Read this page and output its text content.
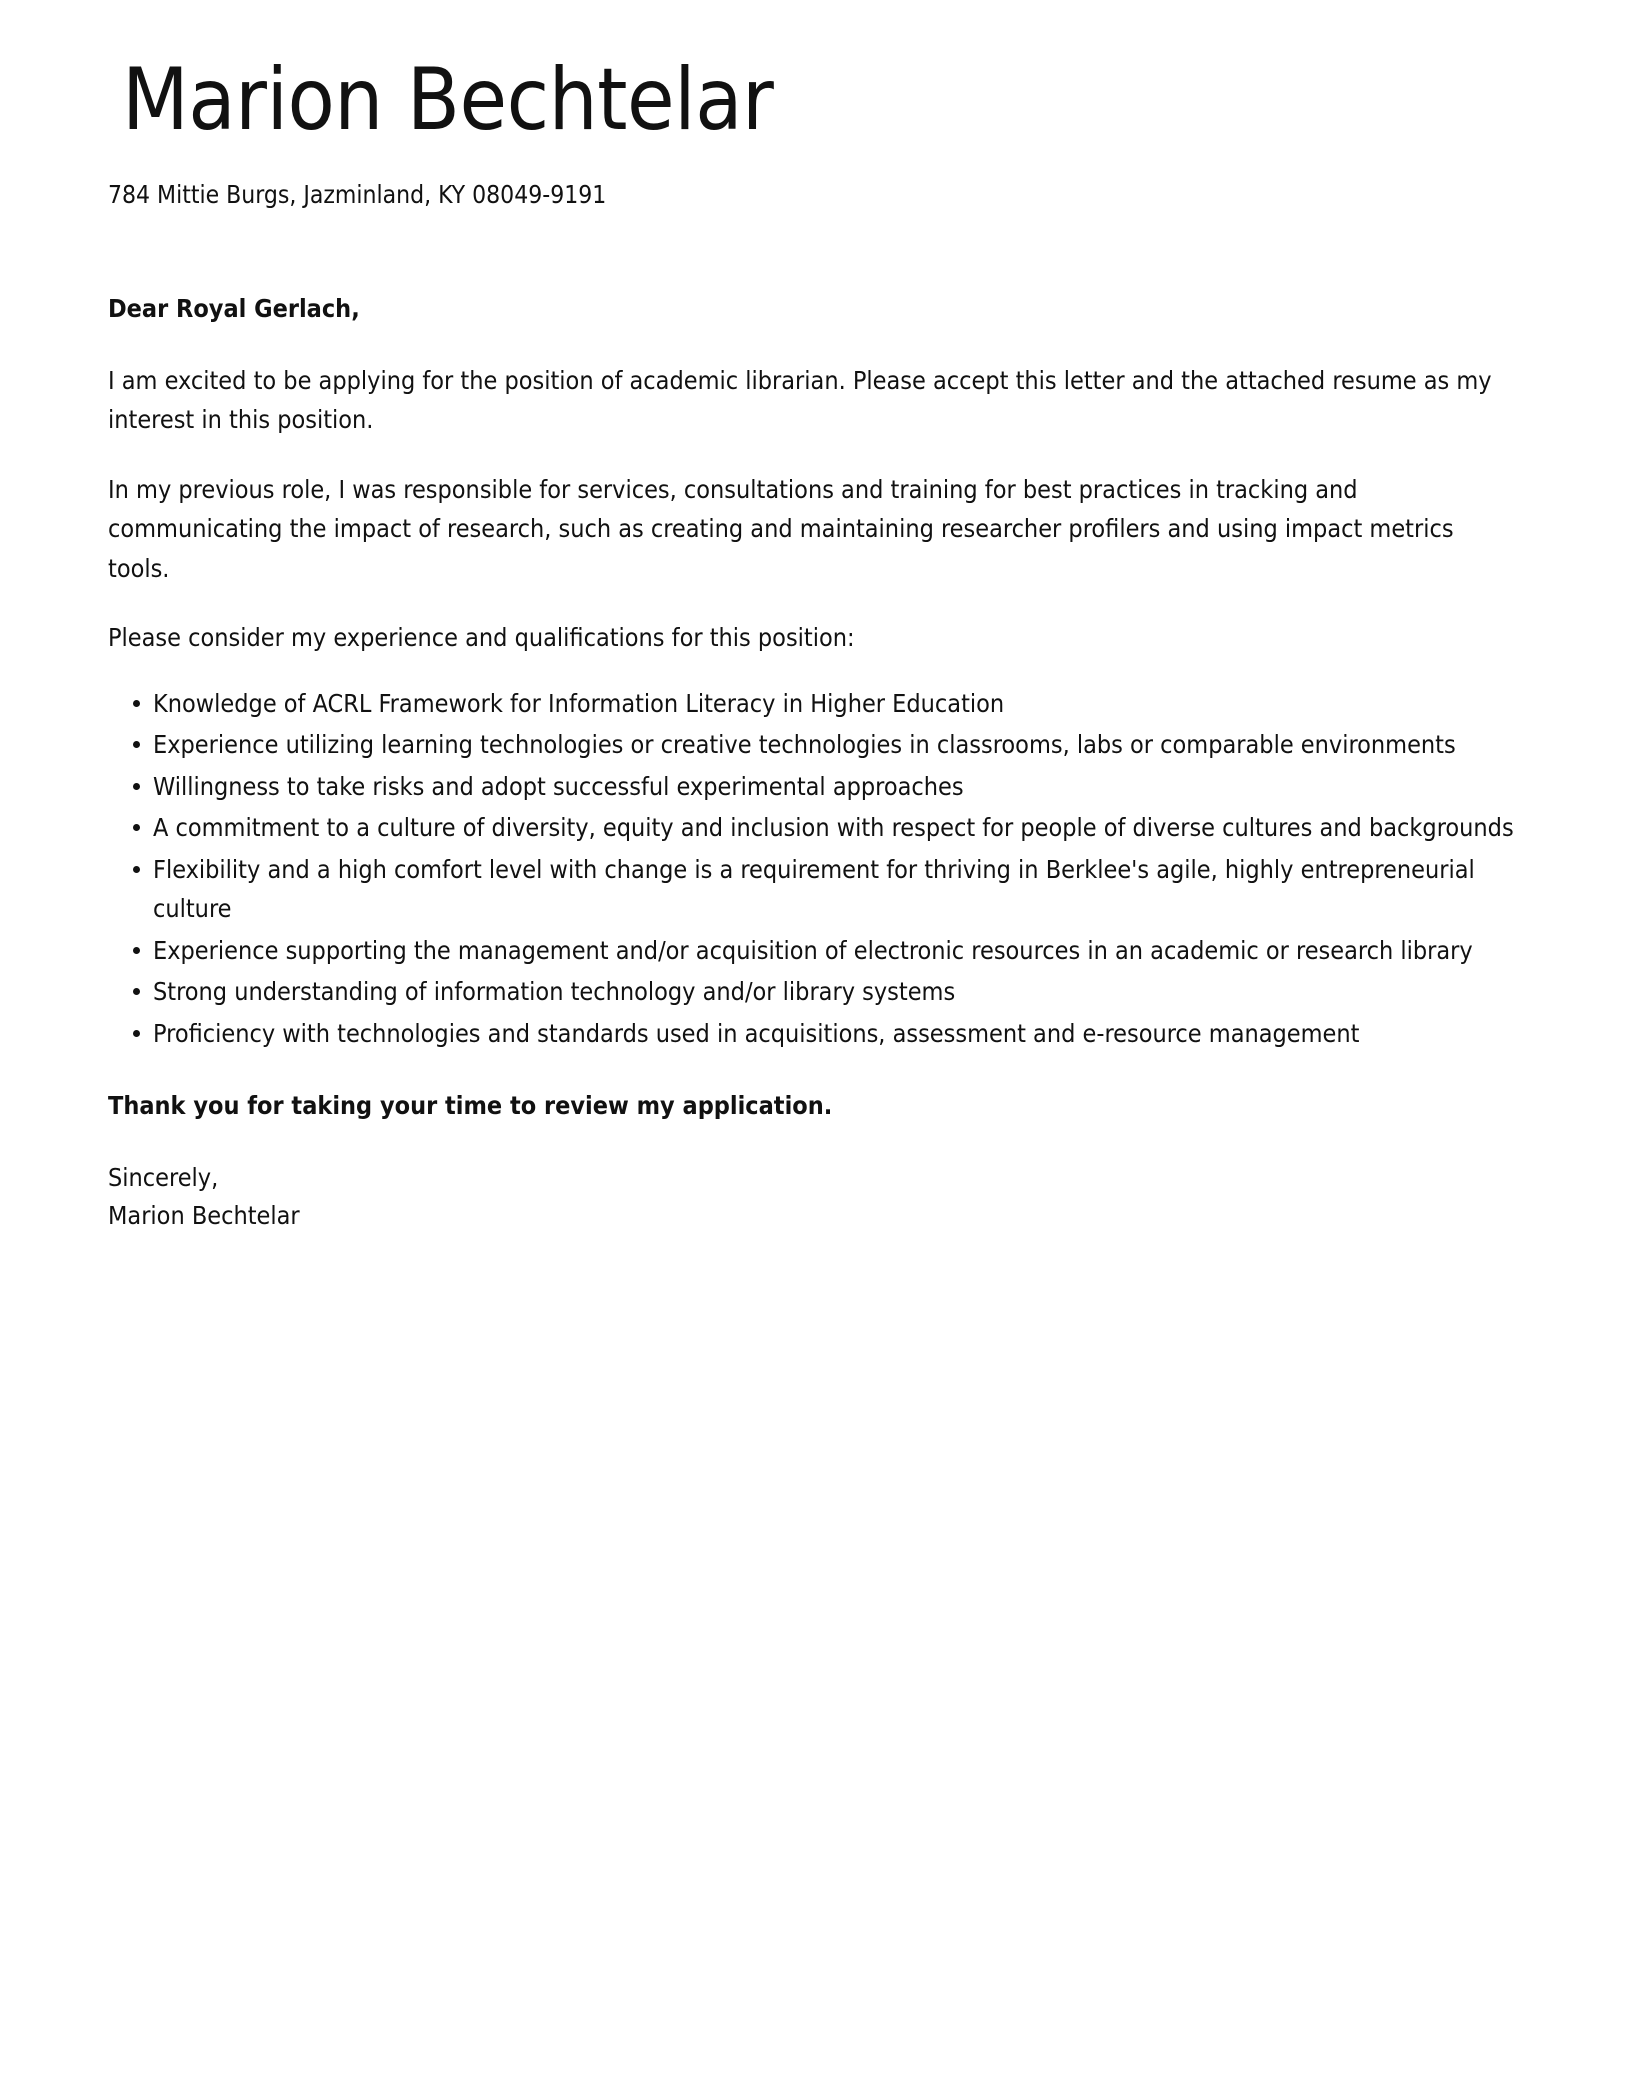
Marion Bechtelar
784 Mittie Burgs, Jazminland, KY 08049-9191

Dear Royal Gerlach,

I am excited to be applying for the position of academic librarian. Please accept this letter and the attached resume as my interest in this position.

In my previous role, I was responsible for services, consultations and training for best practices in tracking and communicating the impact of research, such as creating and maintaining researcher profilers and using impact metrics tools.

Please consider my experience and qualifications for this position:

Knowledge of ACRL Framework for Information Literacy in Higher Education
Experience utilizing learning technologies or creative technologies in classrooms, labs or comparable environments
Willingness to take risks and adopt successful experimental approaches
A commitment to a culture of diversity, equity and inclusion with respect for people of diverse cultures and backgrounds
Flexibility and a high comfort level with change is a requirement for thriving in Berklee's agile, highly entrepreneurial culture
Experience supporting the management and/or acquisition of electronic resources in an academic or research library
Strong understanding of information technology and/or library systems
Proficiency with technologies and standards used in acquisitions, assessment and e-resource management

Thank you for taking your time to review my application.

Sincerely,
Marion Bechtelar
